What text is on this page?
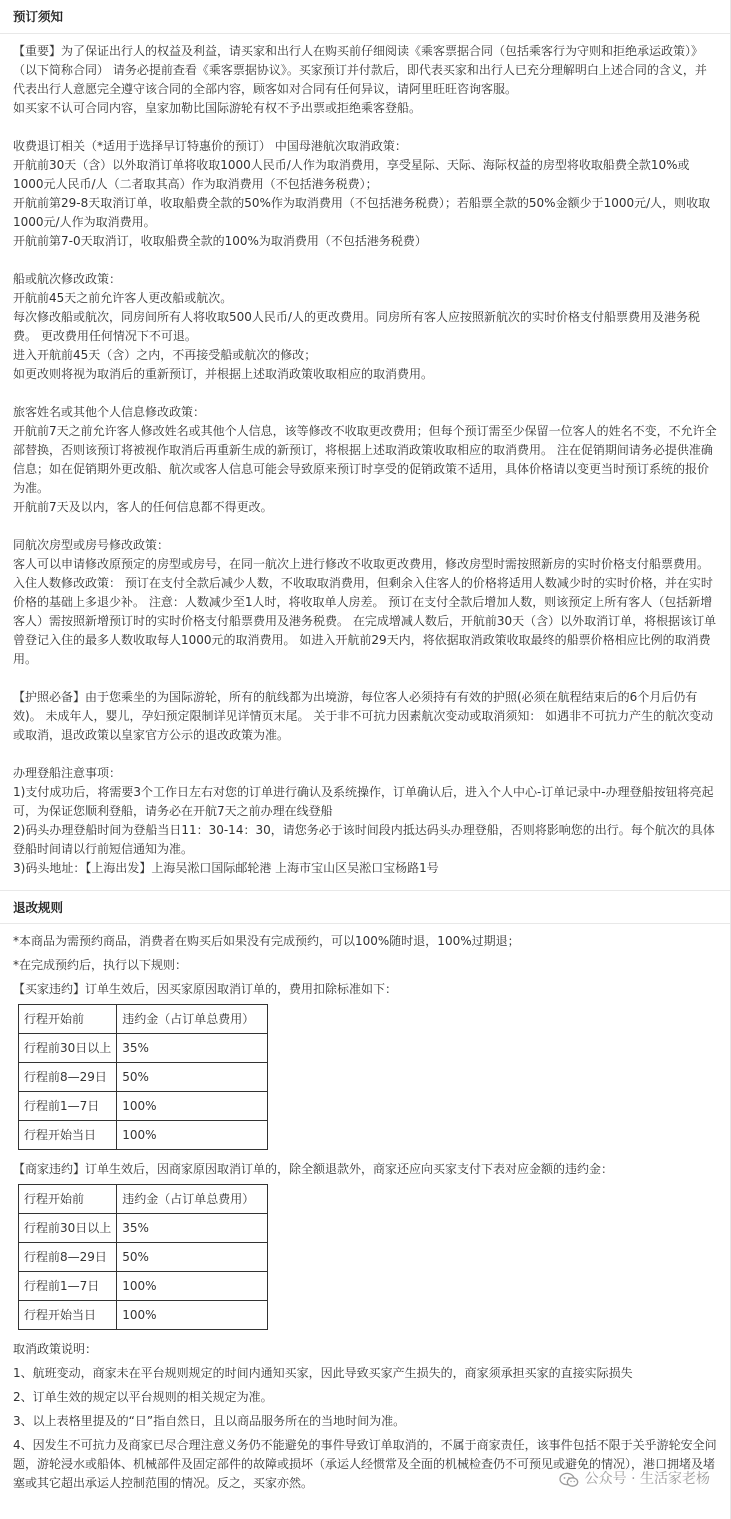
预订须知

【重要】为了保证出行人的权益及利益，请买家和出行人在购买前仔细阅读《乘客票据合同（包括乘客行为守则和拒绝承运政策）》（以下简称合同） 请务必提前查看《乘客票据协议》。买家预订并付款后，即代表买家和出行人已充分理解明白上述合同的含义，并代表出行人意愿完全遵守该合同的全部内容，顾客如对合同有任何异议，请阿里旺旺咨询客服。

如买家不认可合同内容，皇家加勒比国际游轮有权不予出票或拒绝乘客登船。

收费退订相关（*适用于选择早订特惠价的预订） 中国母港航次取消政策：

开航前30天（含）以外取消订单将收取1000人民币/人作为取消费用，享受星际、天际、海际权益的房型将收取船费全款10%或1000元人民币/人（二者取其高）作为取消费用（不包括港务税费）；

开航前第29-8天取消订单，收取船费全款的50%作为取消费用（不包括港务税费）；若船票全款的50%金额少于1000元/人，则收取1000元/人作为取消费用。

开航前第7-0天取消订，收取船费全款的100%为取消费用（不包括港务税费）

船或航次修改政策：

开航前45天之前允许客人更改船或航次。

每次修改船或航次，同房间所有人将收取500人民币/人的更改费用。同房所有客人应按照新航次的实时价格支付船票费用及港务税费。 更改费用任何情况下不可退。

进入开航前45天（含）之内，不再接受船或航次的修改；

如更改则将视为取消后的重新预订，并根据上述取消政策收取相应的取消费用。

旅客姓名或其他个人信息修改政策：

开航前7天之前允许客人修改姓名或其他个人信息，该等修改不收取更改费用；但每个预订需至少保留一位客人的姓名不变，不允许全部替换，否则该预订将被视作取消后再重新生成的新预订，将根据上述取消政策收取相应的取消费用。 注在促销期间请务必提供准确信息；如在促销期外更改船、航次或客人信息可能会导致原来预订时享受的促销政策不适用，具体价格请以变更当时预订系统的报价为准。

开航前7天及以内，客人的任何信息都不得更改。

同航次房型或房号修改政策：

客人可以申请修改原预定的房型或房号，在同一航次上进行修改不收取更改费用，修改房型时需按照新房的实时价格支付船票费用。 入住人数修改政策： 预订在支付全款后减少人数，不收取取消费用，但剩余入住客人的价格将适用人数减少时的实时价格，并在实时价格的基础上多退少补。 注意：人数减少至1人时，将收取单人房差。 预订在支付全款后增加人数，则该预定上所有客人（包括新增客人）需按照新增预订时的实时价格支付船票费用及港务税费。 在完成增减人数后，开航前30天（含）以外取消订单，将根据该订单曾登记入住的最多人数收取每人1000元的取消费用。 如进入开航前29天内，将依据取消政策收取最终的船票价格相应比例的取消费用。

【护照必备】由于您乘坐的为国际游轮，所有的航线都为出境游，每位客人必须持有有效的护照(必须在航程结束后的6个月后仍有效)。 未成年人，婴儿，孕妇预定限制详见详情页末尾。 关于非不可抗力因素航次变动或取消须知： 如遇非不可抗力产生的航次变动或取消，退改政策以皇家官方公示的退改政策为准。

办理登船注意事项：

1)支付成功后，将需要3个工作日左右对您的订单进行确认及系统操作，订单确认后，进入个人中心-订单记录中-办理登船按钮将亮起可，为保证您顺利登船，请务必在开航7天之前办理在线登船

2)码头办理登船时间为登船当日11：30-14：30，请您务必于该时间段内抵达码头办理登船，否则将影响您的出行。每个航次的具体登船时间请以行前短信通知为准。

3)码头地址：【上海出发】上海吴淞口国际邮轮港 上海市宝山区吴淞口宝杨路1号

退改规则

*本商品为需预约商品，消费者在购买后如果没有完成预约，可以100%随时退，100%过期退；

*在完成预约后，执行以下规则：

【买家违约】订单生效后，因买家原因取消订单的，费用扣除标准如下：

行程开始前	违约金（占订单总费用）
行程前30日以上	35%
行程前8—29日	50%
行程前1—7日	100%
行程开始当日	100%

【商家违约】订单生效后，因商家原因取消订单的，除全额退款外，商家还应向买家支付下表对应金额的违约金：

行程开始前	违约金（占订单总费用）
行程前30日以上	35%
行程前8—29日	50%
行程前1—7日	100%
行程开始当日	100%

取消政策说明：

1、航班变动，商家未在平台规则规定的时间内通知买家，因此导致买家产生损失的，商家须承担买家的直接实际损失

2、订单生效的规定以平台规则的相关规定为准。

3、以上表格里提及的“日”指自然日，且以商品服务所在的当地时间为准。

4、因发生不可抗力及商家已尽合理注意义务仍不能避免的事件导致订单取消的，不属于商家责任，该事件包括不限于关乎游轮安全问题，游轮浸水或船体、机械部件及固定部件的故障或损坏（承运人经惯常及全面的机械检查仍不可预见或避免的情况），港口拥堵及堵塞或其它超出承运人控制范围的情况。反之，买家亦然。	公众号 · 生活家老杨
